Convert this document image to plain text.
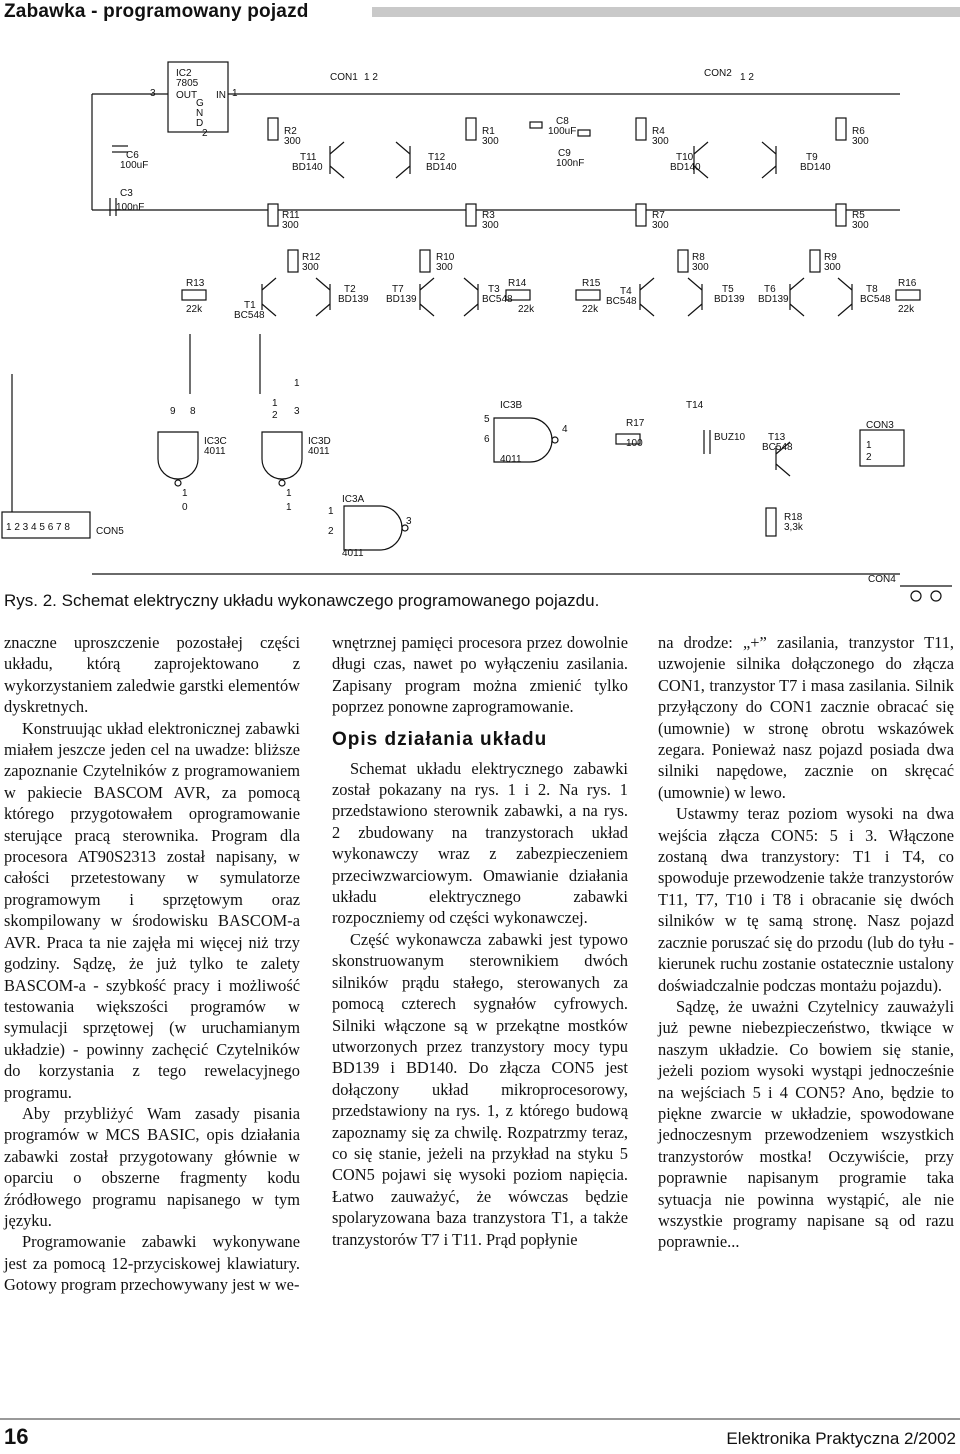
Zabawka - programowany pojazd
IC2
7805
OUT
G
N
D
IN
3
2
1
CON1 1 2	CON2 1 2
C6
100uF
C3
100nF
C8
100uF
C9
100nF
R2
300
R1
300
R4
300
R6
300
R11
300
R3
300
R7
300
R5
300
R12
300
R10
300
R8
300
R9
300
R13
22k
R14
22k
R15
22k
R16
22k
T11
BD140
T12
BD140
T10
BD140
T9
BD140
T1
BC548
T2
BD139
T7
BD139
T3
BC548
T4
BC548
T5
BD139
T6
BD139
T8
BC548
9 8
IC3C
4011
1
2
1
3
IC3D
4011
IC3B
4011
5
6
4
IC3A
4011
1
2
3
1
0
1
1
R17
100
T14
BUZ10 T13
BC548
CON3
1
2
R18
3,3k
1 2 3 4 5 6 7 8	CON5
CON4
Rys. 2. Schemat elektryczny układu wykonawczego programowanego pojazdu.

znaczne uproszczenie pozostałej części układu, którą zaprojektowano z wykorzystaniem zaledwie garstki elementów dyskretnych.

Konstruując układ elektronicznej zabawki miałem jeszcze jeden cel na uwadze: bliższe zapoznanie Czytelników z programowaniem w pakiecie BASCOM AVR, za pomocą którego przygotowałem oprogramowanie sterujące pracą sterownika. Program dla procesora AT90S2313 został napisany, w całości przetestowany w symulatorze programowym i sprzętowym oraz skompilowany w środowisku BASCOM-a AVR. Praca ta nie zajęła mi więcej niż trzy godziny. Sądzę, że już tylko te zalety BASCOM-a - szybkość pracy i możliwość testowania większości programów w symulacji sprzętowej (w uruchamianym układzie) - powinny zachęcić Czytelników do korzystania z tego rewelacyjnego programu.

Aby przybliżyć Wam zasady pisania programów w MCS BASIC, opis działania zabawki został przygotowany głównie w oparciu o obszerne fragmenty kodu źródłowego programu napisanego w tym języku.

Programowanie zabawki wykonywane jest za pomocą 12-przyciskowej klawiatury. Gotowy program przechowywany jest w we-

wnętrznej pamięci procesora przez dowolnie długi czas, nawet po wyłączeniu zasilania. Zapisany program można zmienić tylko poprzez ponowne zaprogramowanie.

Opis działania układu

Schemat układu elektrycznego zabawki został pokazany na rys. 1 i 2. Na rys. 1 przedstawiono sterownik zabawki, a na rys. 2 zbudowany na tranzystorach układ wykonawczy wraz z zabezpieczeniem przeciwzwarciowym. Omawianie działania układu elektrycznego zabawki rozpoczniemy od części wykonawczej.

Część wykonawcza zabawki jest typowo skonstruowanym sterownikiem dwóch silników prądu stałego, sterowanych za pomocą czterech sygnałów cyfrowych. Silniki włączone są w przekątne mostków utworzonych przez tranzystory mocy typu BD139 i BD140. Do złącza CON5 jest dołączony układ mikroprocesorowy, przedstawiony na rys. 1, z którego budową zapoznamy się za chwilę. Rozpatrzmy teraz, co się stanie, jeżeli na przykład na styku 5 CON5 pojawi się wysoki poziom napięcia. Łatwo zauważyć, że wówczas będzie spolaryzowana baza tranzystora T1, a także tranzystorów T7 i T11. Prąd popłynie

na drodze: „+” zasilania, tranzystor T11, uzwojenie silnika dołączonego do złącza CON1, tranzystor T7 i masa zasilania. Silnik przyłączony do CON1 zacznie obracać się (umownie) w stronę obrotu wskazówek zegara. Ponieważ nasz pojazd posiada dwa silniki napędowe, zacznie on skręcać (umownie) w lewo.

Ustawmy teraz poziom wysoki na dwa wejścia złącza CON5: 5 i 3. Włączone zostaną dwa tranzystory: T1 i T4, co spowoduje przewodzenie także tranzystorów T11, T7, T10 i T8 i obracanie się dwóch silników w tę samą stronę. Nasz pojazd zacznie poruszać się do przodu (lub do tyłu - kierunek ruchu zostanie ostatecznie ustalony doświadczalnie podczas montażu pojazdu).

Sądzę, że uważni Czytelnicy zauważyli już pewne niebezpieczeństwo, tkwiące w naszym układzie. Co bowiem się stanie, jeżeli poziom wysoki wystąpi jednocześnie na wejściach 5 i 4 CON5? Ano, będzie to piękne zwarcie w układzie, spowodowane jednoczesnym przewodzeniem wszystkich tranzystorów mostka! Oczywiście, przy poprawnie napisanym programie taka sytuacja nie powinna wystąpić, ale nie wszystkie programy napisane są od razu poprawnie...

16	Elektronika Praktyczna 2/2002
